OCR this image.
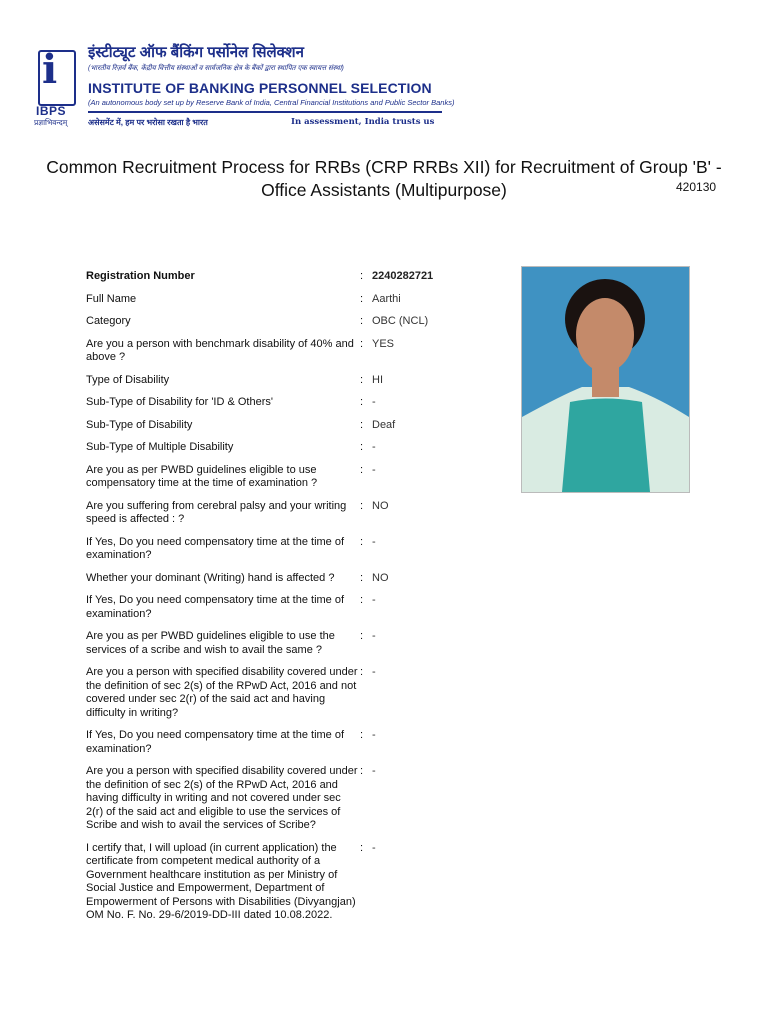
i
IBPS
प्रज्ञाभिवन्दम्
इंस्टीट्यूट ऑफ बैंकिंग पर्सोनेल सिलेक्शन
(भारतीय रिज़र्व बैंक, केंद्रीय वित्तीय संस्थाओं व सार्वजनिक क्षेत्र के बैंकों द्वारा स्थापित एक स्वायत्त संस्था)
INSTITUTE OF BANKING PERSONNEL SELECTION
(An autonomous body set up by Reserve Bank of India, Central Financial Institutions and Public Sector Banks)
असेसमेंट में, हम पर भरोसा रखता है भारत	In assessment, India trusts us
Common Recruitment Process for RRBs (CRP RRBs XII) for Recruitment of Group 'B' -
Office Assistants (Multipurpose)	420130
Registration Number	: 2240282721
Full Name	: Aarthi
Category	: OBC (NCL)
Are you a person with benchmark disability of 40% and above ?
: YES
Type of Disability	: HI
Sub-Type of Disability for 'ID & Others'	: -
Sub-Type of Disability	: Deaf
Sub-Type of Multiple Disability	: -
Are you as per PWBD guidelines eligible to use compensatory time at the time of examination ?
: -
Are you suffering from cerebral palsy and your writing speed is affected : ?
: NO
If Yes, Do you need compensatory time at the time of examination?
: -
Whether your dominant (Writing) hand is affected ?	: NO
If Yes, Do you need compensatory time at the time of examination?
: -
Are you as per PWBD guidelines eligible to use the services of a scribe and wish to avail the same ?
: -
Are you a person with specified disability covered under the definition of sec 2(s) of the RPwD Act, 2016 and not covered under sec 2(r) of the said act and having difficulty in writing?
: -
If Yes, Do you need compensatory time at the time of examination?
: -
Are you a person with specified disability covered under the definition of sec 2(s) of the RPwD Act, 2016 and having difficulty in writing and not covered under sec 2(r) of the said act and eligible to use the services of Scribe and wish to avail the services of Scribe?
: -
I certify that, I will upload (in current application) the certificate from competent medical authority of a Government healthcare institution as per Ministry of Social Justice and Empowerment, Department of Empowerment of Persons with Disabilities (Divyangjan) OM No. F. No. 29-6/2019-DD-III dated 10.08.2022.
: -
